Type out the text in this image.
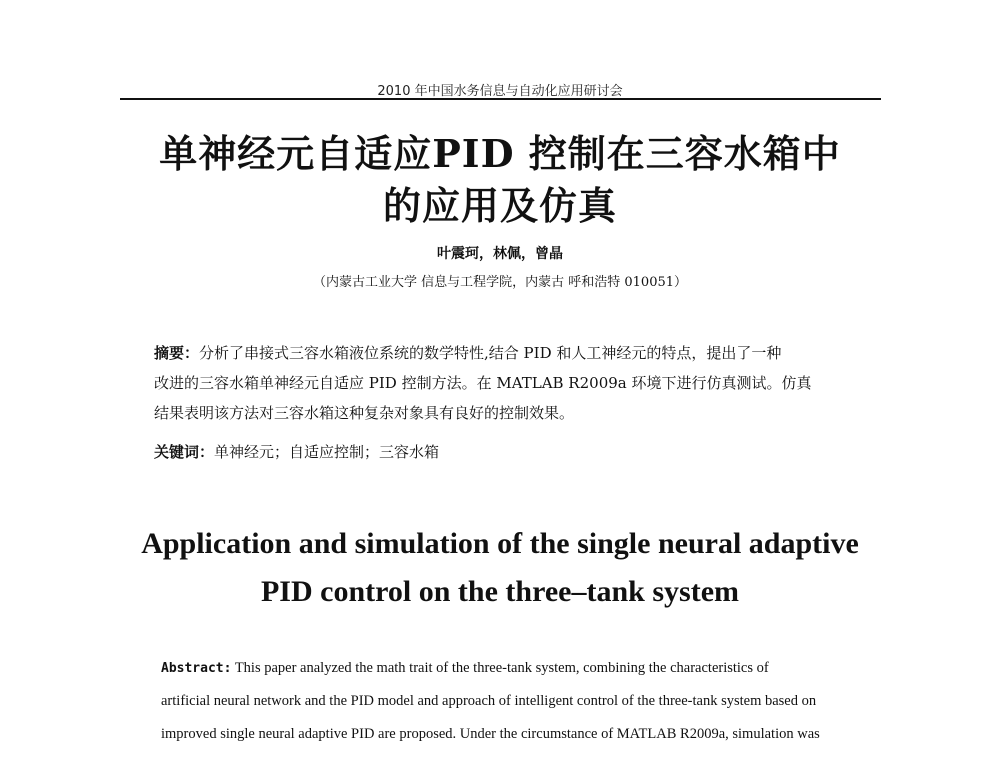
2010 年中国水务信息与自动化应用研讨会
单神经元自适应PID 控制在三容水箱中
的应用及仿真
叶震珂，林佩，曾晶
（内蒙古工业大学 信息与工程学院，内蒙古 呼和浩特 010051）
摘要：分析了串接式三容水箱液位系统的数学特性,结合 PID 和人工神经元的特点，提出了一种
改进的三容水箱单神经元自适应 PID 控制方法。在 MATLAB R2009a 环境下进行仿真测试。仿真
结果表明该方法对三容水箱这种复杂对象具有良好的控制效果。
关键词：单神经元；自适应控制；三容水箱
Application and simulation of the single neural adaptive
PID control on the three–tank system
Abstract: This paper analyzed the math trait of the three-tank system, combining the characteristics of
artificial neural network and the PID model and approach of intelligent control of the three-tank system based on
improved single neural adaptive PID are proposed. Under the circumstance of MATLAB R2009a, simulation was
